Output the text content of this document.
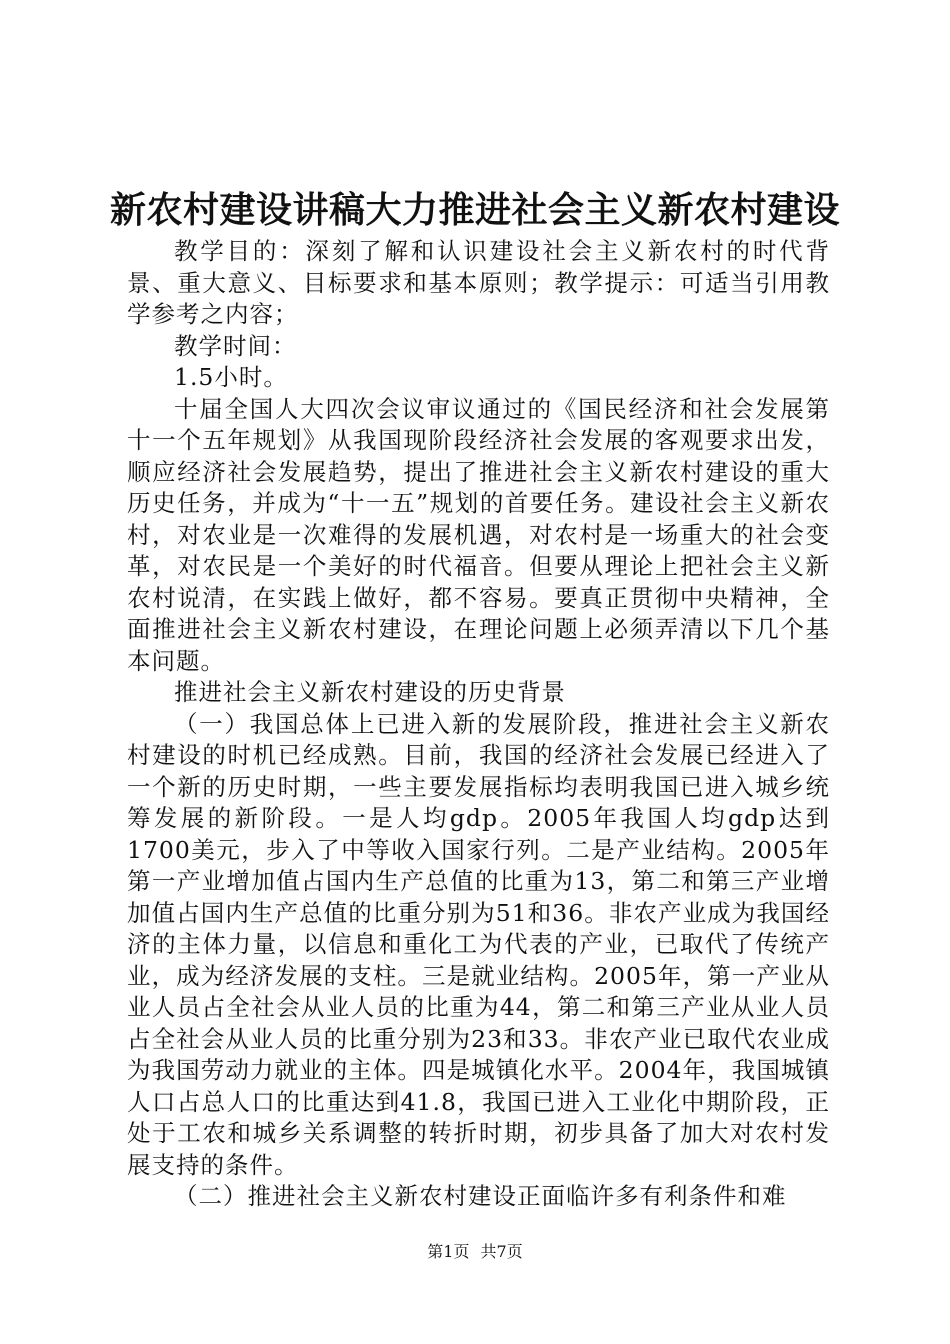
新农村建设讲稿大力推进社会主义新农村建设

教学目的：深刻了解和认识建设社会主义新农村的时代背景、重大意义、目标要求和基本原则；教学提示：可适当引用教学参考之内容；

教学时间：

1.5小时。

十届全国人大四次会议审议通过的《国民经济和社会发展第十一个五年规划》从我国现阶段经济社会发展的客观要求出发，顺应经济社会发展趋势，提出了推进社会主义新农村建设的重大历史任务，并成为“十一五”规划的首要任务。建设社会主义新农村，对农业是一次难得的发展机遇，对农村是一场重大的社会变革，对农民是一个美好的时代福音。但要从理论上把社会主义新农村说清，在实践上做好，都不容易。要真正贯彻中央精神，全面推进社会主义新农村建设，在理论问题上必须弄清以下几个基本问题。

推进社会主义新农村建设的历史背景

（一）我国总体上已进入新的发展阶段，推进社会主义新农村建设的时机已经成熟。目前，我国的经济社会发展已经进入了一个新的历史时期，一些主要发展指标均表明我国已进入城乡统筹发展的新阶段。一是人均gdp。2005年我国人均gdp达到1700美元，步入了中等收入国家行列。二是产业结构。2005年第一产业增加值占国内生产总值的比重为13，第二和第三产业增加值占国内生产总值的比重分别为51和36。非农产业成为我国经济的主体力量，以信息和重化工为代表的产业，已取代了传统产业，成为经济发展的支柱。三是就业结构。2005年，第一产业从业人员占全社会从业人员的比重为44，第二和第三产业从业人员占全社会从业人员的比重分别为23和33。非农产业已取代农业成为我国劳动力就业的主体。四是城镇化水平。2004年，我国城镇人口占总人口的比重达到41.8，我国已进入工业化中期阶段，正处于工农和城乡关系调整的转折时期，初步具备了加大对农村发展支持的条件。

（二）推进社会主义新农村建设正面临许多有利条件和难

第1页 共7页
